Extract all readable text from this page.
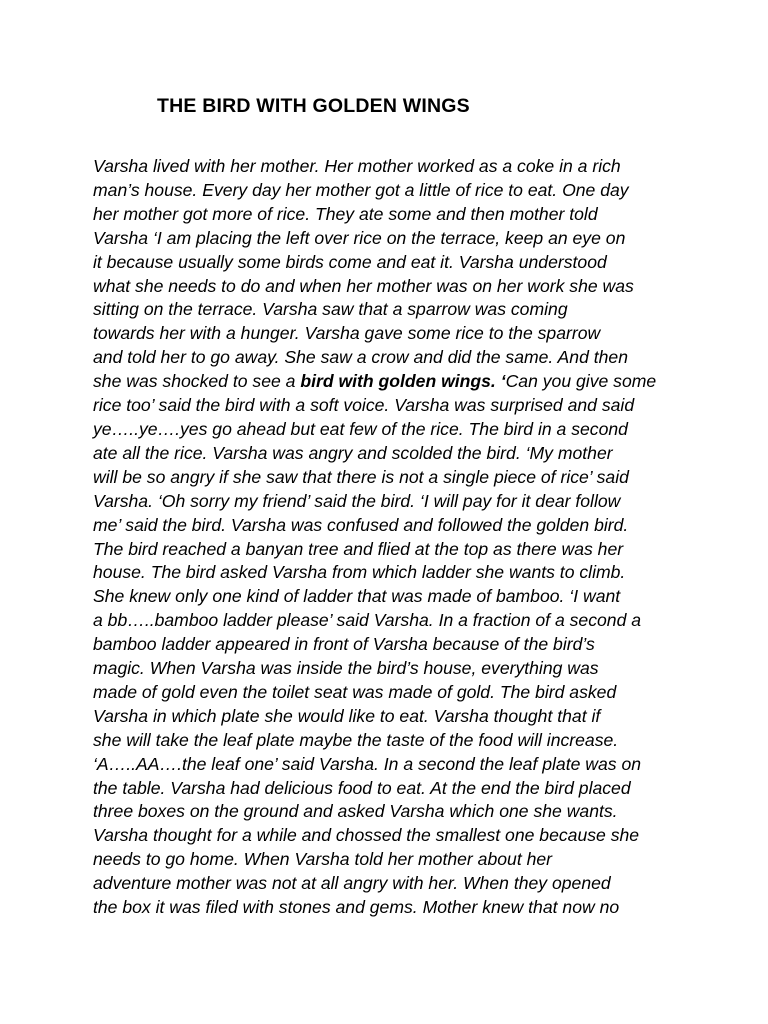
THE BIRD WITH GOLDEN WINGS
Varsha lived with her mother. Her mother worked as a coke in a rich
man’s house. Every day her mother got a little of rice to eat. One day
her mother got more of rice. They ate some and then mother told
Varsha ‘I am placing the left over rice on the terrace, keep an eye on
it because usually some birds come and eat it. Varsha understood
what she needs to do and when her mother was on her work she was
sitting on the terrace. Varsha saw that a sparrow was coming
towards her with a hunger. Varsha gave some rice to the sparrow
and told her to go away. She saw a crow and did the same. And then
she was shocked to see a bird with golden wings. ‘Can you give some
rice too’ said the bird with a soft voice. Varsha was surprised and said
ye…..ye….yes go ahead but eat few of the rice. The bird in a second
ate all the rice. Varsha was angry and scolded the bird. ‘My mother
will be so angry if she saw that there is not a single piece of rice’ said
Varsha. ‘Oh sorry my friend’ said the bird. ‘I will pay for it dear follow
me’ said the bird. Varsha was confused and followed the golden bird.
The bird reached a banyan tree and flied at the top as there was her
house. The bird asked Varsha from which ladder she wants to climb.
She knew only one kind of ladder that was made of bamboo. ‘I want
a bb…..bamboo ladder please’ said Varsha. In a fraction of a second a
bamboo ladder appeared in front of Varsha because of the bird’s
magic. When Varsha was inside the bird’s house, everything was
made of gold even the toilet seat was made of gold. The bird asked
Varsha in which plate she would like to eat. Varsha thought that if
she will take the leaf plate maybe the taste of the food will increase.
‘A…..AA….the leaf one’ said Varsha. In a second the leaf plate was on
the table. Varsha had delicious food to eat. At the end the bird placed
three boxes on the ground and asked Varsha which one she wants.
Varsha thought for a while and chossed the smallest one because she
needs to go home. When Varsha told her mother about her
adventure mother was not at all angry with her. When they opened
the box it was filed with stones and gems. Mother knew that now no
